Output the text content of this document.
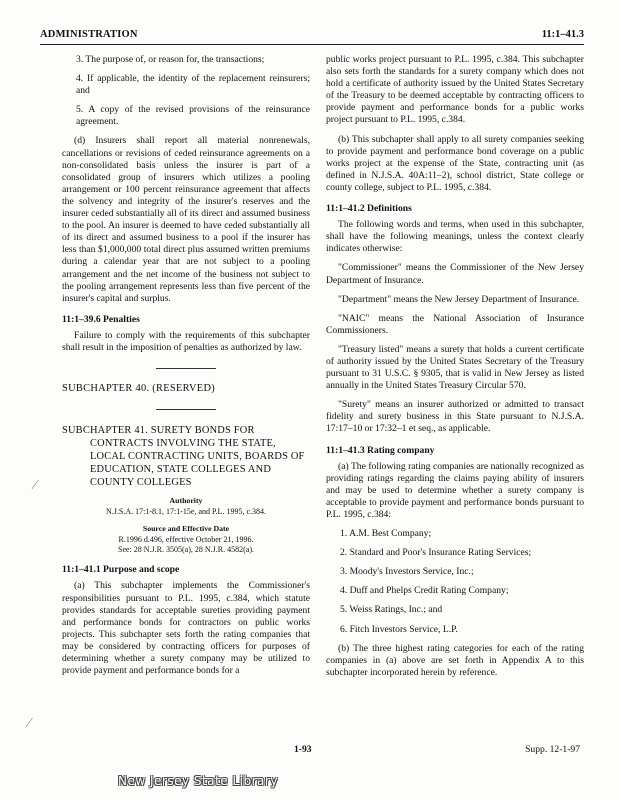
ADMINISTRATION	11:1–41.3

3. The purpose of, or reason for, the transactions;

4. If applicable, the identity of the replacement reinsurers; and

5. A copy of the revised provisions of the reinsurance agreement.

(d) Insurers shall report all material nonrenewals, cancellations or revisions of ceded reinsurance agreements on a non-consolidated basis unless the insurer is part of a consolidated group of insurers which utilizes a pooling arrangement or 100 percent reinsurance agreement that affects the solvency and integrity of the insurer's reserves and the insurer ceded substantially all of its direct and assumed business to the pool. An insurer is deemed to have ceded substantially all of its direct and assumed business to a pool if the insurer has less than $1,000,000 total direct plus assumed written premiums during a calendar year that are not subject to a pooling arrangement and the net income of the business not subject to the pooling arrangement represents less than five percent of the insurer's capital and surplus.

11:1–39.6 Penalties

Failure to comply with the requirements of this subchapter shall result in the imposition of penalties as authorized by law.

SUBCHAPTER 40. (RESERVED)
SUBCHAPTER 41. SURETY BONDS FOR
CONTRACTS INVOLVING THE STATE, LOCAL CONTRACTING UNITS, BOARDS OF EDUCATION, STATE COLLEGES AND COUNTY COLLEGES
Authority
N.J.S.A. 17:1-8.1, 17:1-15e, and P.L. 1995, c.384.
Source and Effective Date
R.1996 d.496, effective October 21, 1996.
See: 28 N.J.R. 3505(a), 28 N.J.R. 4582(a).
11:1–41.1 Purpose and scope

(a) This subchapter implements the Commissioner's responsibilities pursuant to P.L. 1995, c.384, which statute provides standards for acceptable sureties providing payment and performance bonds for contractors on public works projects. This subchapter sets forth the rating companies that may be considered by contracting officers for purposes of determining whether a surety company may be utilized to provide payment and performance bonds for a

public works project pursuant to P.L. 1995, c.384. This subchapter also sets forth the standards for a surety company which does not hold a certificate of authority issued by the United States Secretary of the Treasury to be deemed acceptable by contracting officers to provide payment and performance bonds for a public works project pursuant to P.L. 1995, c.384.

(b) This subchapter shall apply to all surety companies seeking to provide payment and performance bond coverage on a public works project at the expense of the State, contracting unit (as defined in N.J.S.A. 40A:11–2), school district, State college or county college, subject to P.L. 1995, c.384.

11:1–41.2 Definitions

The following words and terms, when used in this subchapter, shall have the following meanings, unless the context clearly indicates otherwise:

"Commissioner" means the Commissioner of the New Jersey Department of Insurance.

"Department" means the New Jersey Department of Insurance.

"NAIC" means the National Association of Insurance Commissioners.

"Treasury listed" means a surety that holds a current certificate of authority issued by the United States Secretary of the Treasury pursuant to 31 U.S.C. § 9305, that is valid in New Jersey as listed annually in the United States Treasury Circular 570.

"Surety" means an insurer authorized or admitted to transact fidelity and surety business in this State pursuant to N.J.S.A. 17:17–10 or 17:32–1 et seq., as applicable.

11:1–41.3 Rating company

(a) The following rating companies are nationally recognized as providing ratings regarding the claims paying ability of insurers and may be used to determine whether a surety company is acceptable to provide payment and performance bonds pursuant to P.L. 1995, c.384:

1. A.M. Best Company;
2. Standard and Poor's Insurance Rating Services;
3. Moody's Investors Service, Inc.;
4. Duff and Phelps Credit Rating Company;
5. Weiss Ratings, Inc.; and
6. Fitch Investors Service, L.P.

(b) The three highest rating categories for each of the rating companies in (a) above are set forth in Appendix A to this subchapter incorporated herein by reference.

1-93	Supp. 12-1-97
New Jersey State Library
⁄
⁄
